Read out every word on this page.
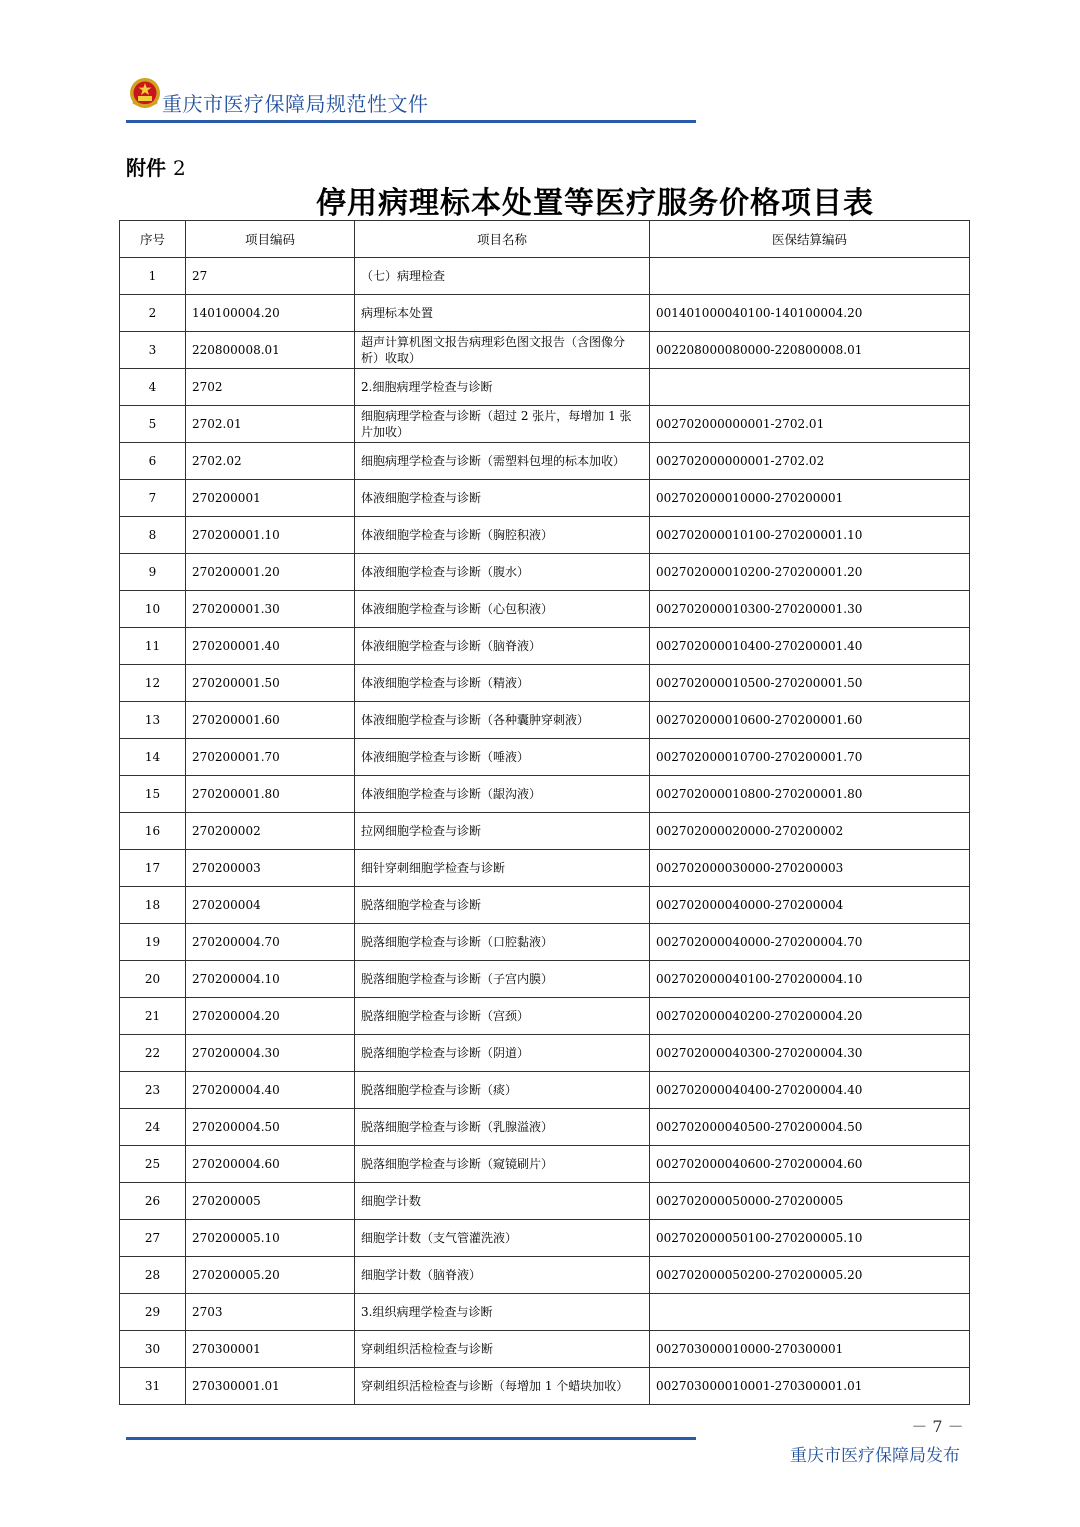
重庆市医疗保障局规范性文件
附件 2
停用病理标本处置等医疗服务价格项目表
序号	项目编码	项目名称	医保结算编码
1	27	（七）病理检查	
2	140100004.20	病理标本处置	001401000040100-140100004.20
3	220800008.01	超声计算机图文报告病理彩色图文报告（含图像分析）收取）	002208000080000-220800008.01
4	2702	2.细胞病理学检查与诊断	
5	2702.01	细胞病理学检查与诊断（超过 2 张片，每增加 1 张片加收）	002702000000001-2702.01
6	2702.02	细胞病理学检查与诊断（需塑料包埋的标本加收）	002702000000001-2702.02
7	270200001	体液细胞学检查与诊断	002702000010000-270200001
8	270200001.10	体液细胞学检查与诊断（胸腔积液）	002702000010100-270200001.10
9	270200001.20	体液细胞学检查与诊断（腹水）	002702000010200-270200001.20
10	270200001.30	体液细胞学检查与诊断（心包积液）	002702000010300-270200001.30
11	270200001.40	体液细胞学检查与诊断（脑脊液）	002702000010400-270200001.40
12	270200001.50	体液细胞学检查与诊断（精液）	002702000010500-270200001.50
13	270200001.60	体液细胞学检查与诊断（各种囊肿穿刺液）	002702000010600-270200001.60
14	270200001.70	体液细胞学检查与诊断（唾液）	002702000010700-270200001.70
15	270200001.80	体液细胞学检查与诊断（龈沟液）	002702000010800-270200001.80
16	270200002	拉网细胞学检查与诊断	002702000020000-270200002
17	270200003	细针穿刺细胞学检查与诊断	002702000030000-270200003
18	270200004	脱落细胞学检查与诊断	002702000040000-270200004
19	270200004.70	脱落细胞学检查与诊断（口腔黏液）	002702000040000-270200004.70
20	270200004.10	脱落细胞学检查与诊断（子宫内膜）	002702000040100-270200004.10
21	270200004.20	脱落细胞学检查与诊断（宫颈）	002702000040200-270200004.20
22	270200004.30	脱落细胞学检查与诊断（阴道）	002702000040300-270200004.30
23	270200004.40	脱落细胞学检查与诊断（痰）	002702000040400-270200004.40
24	270200004.50	脱落细胞学检查与诊断（乳腺溢液）	002702000040500-270200004.50
25	270200004.60	脱落细胞学检查与诊断（窥镜刷片）	002702000040600-270200004.60
26	270200005	细胞学计数	002702000050000-270200005
27	270200005.10	细胞学计数（支气管灌洗液）	002702000050100-270200005.10
28	270200005.20	细胞学计数（脑脊液）	002702000050200-270200005.20
29	2703	3.组织病理学检查与诊断	
30	270300001	穿刺组织活检检查与诊断	002703000010000-270300001
31	270300001.01	穿刺组织活检检查与诊断（每增加 1 个蜡块加收）	002703000010001-270300001.01
－ 7 －
重庆市医疗保障局发布
